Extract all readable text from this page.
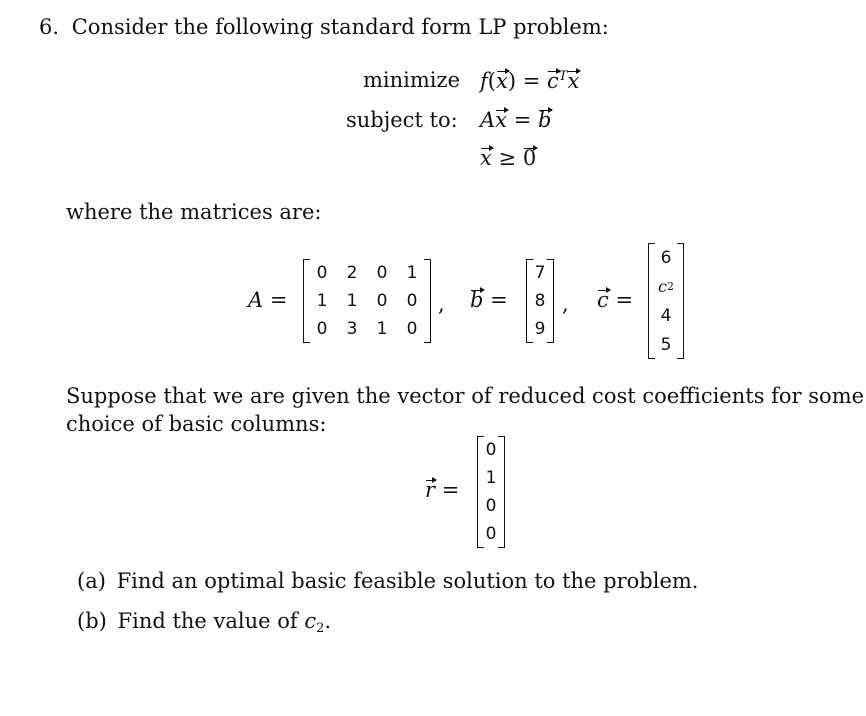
6. Consider the following standard form LP problem:
minimize $f(x) = c^Tx$
subject to: Ax = b
x ≥ 0
where the matrices are:
A =
0	2	0	1
1	1	0	0
0	3	1	0
, b =
7
8
9
, c =
6
c 2
4
5
Suppose that we are given the vector of reduced cost coefficients for some
choice of basic columns:
r =
0
1
0
0
(a) Find an optimal basic feasible solution to the problem.
(b) Find the value of $c_2$.
